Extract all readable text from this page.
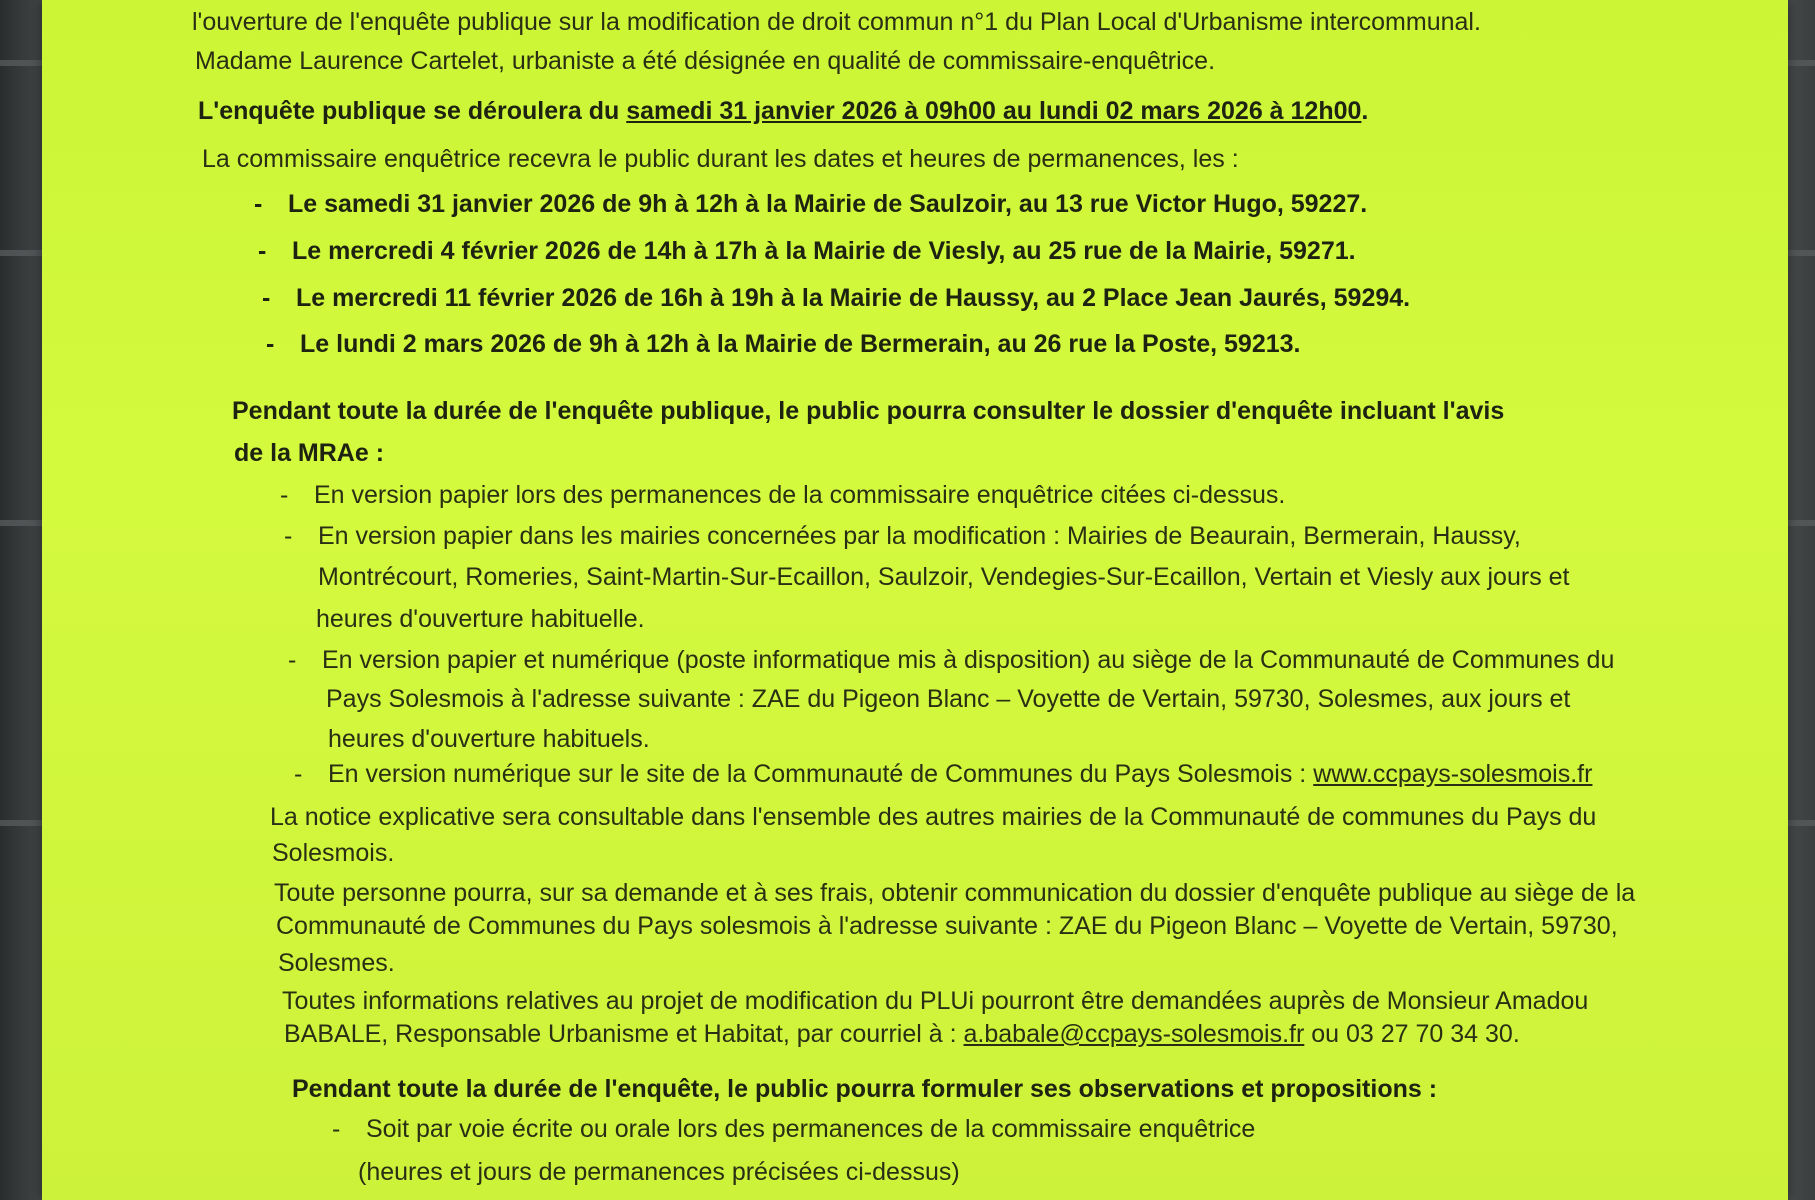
l'ouverture de l'enquête publique sur la modification de droit commun n°1 du Plan Local d'Urbanisme intercommunal.
Madame Laurence Cartelet, urbaniste a été désignée en qualité de commissaire-enquêtrice.
L'enquête publique se déroulera du samedi 31 janvier 2026 à 09h00 au lundi 02 mars 2026 à 12h00.
La commissaire enquêtrice recevra le public durant les dates et heures de permanences, les :
- Le samedi 31 janvier 2026 de 9h à 12h à la Mairie de Saulzoir, au 13 rue Victor Hugo, 59227.
- Le mercredi 4 février 2026 de 14h à 17h à la Mairie de Viesly, au 25 rue de la Mairie, 59271.
- Le mercredi 11 février 2026 de 16h à 19h à la Mairie de Haussy, au 2 Place Jean Jaurés, 59294.
- Le lundi 2 mars 2026 de 9h à 12h à la Mairie de Bermerain, au 26 rue la Poste, 59213.
Pendant toute la durée de l'enquête publique, le public pourra consulter le dossier d'enquête incluant l'avis
de la MRAe :
- En version papier lors des permanences de la commissaire enquêtrice citées ci-dessus.
- En version papier dans les mairies concernées par la modification : Mairies de Beaurain, Bermerain, Haussy,
Montrécourt, Romeries, Saint-Martin-Sur-Ecaillon, Saulzoir, Vendegies-Sur-Ecaillon, Vertain et Viesly aux jours et
heures d'ouverture habituelle.
- En version papier et numérique (poste informatique mis à disposition) au siège de la Communauté de Communes du
Pays Solesmois à l'adresse suivante : ZAE du Pigeon Blanc – Voyette de Vertain, 59730, Solesmes, aux jours et
heures d'ouverture habituels.
- En version numérique sur le site de la Communauté de Communes du Pays Solesmois : www.ccpays-solesmois.fr
La notice explicative sera consultable dans l'ensemble des autres mairies de la Communauté de communes du Pays du
Solesmois.
Toute personne pourra, sur sa demande et à ses frais, obtenir communication du dossier d'enquête publique au siège de la
Communauté de Communes du Pays solesmois à l'adresse suivante : ZAE du Pigeon Blanc – Voyette de Vertain, 59730,
Solesmes.
Toutes informations relatives au projet de modification du PLUi pourront être demandées auprès de Monsieur Amadou
BABALE, Responsable Urbanisme et Habitat, par courriel à : a.babale@ccpays-solesmois.fr ou 03 27 70 34 30.
Pendant toute la durée de l'enquête, le public pourra formuler ses observations et propositions :
- Soit par voie écrite ou orale lors des permanences de la commissaire enquêtrice
(heures et jours de permanences précisées ci-dessus)
